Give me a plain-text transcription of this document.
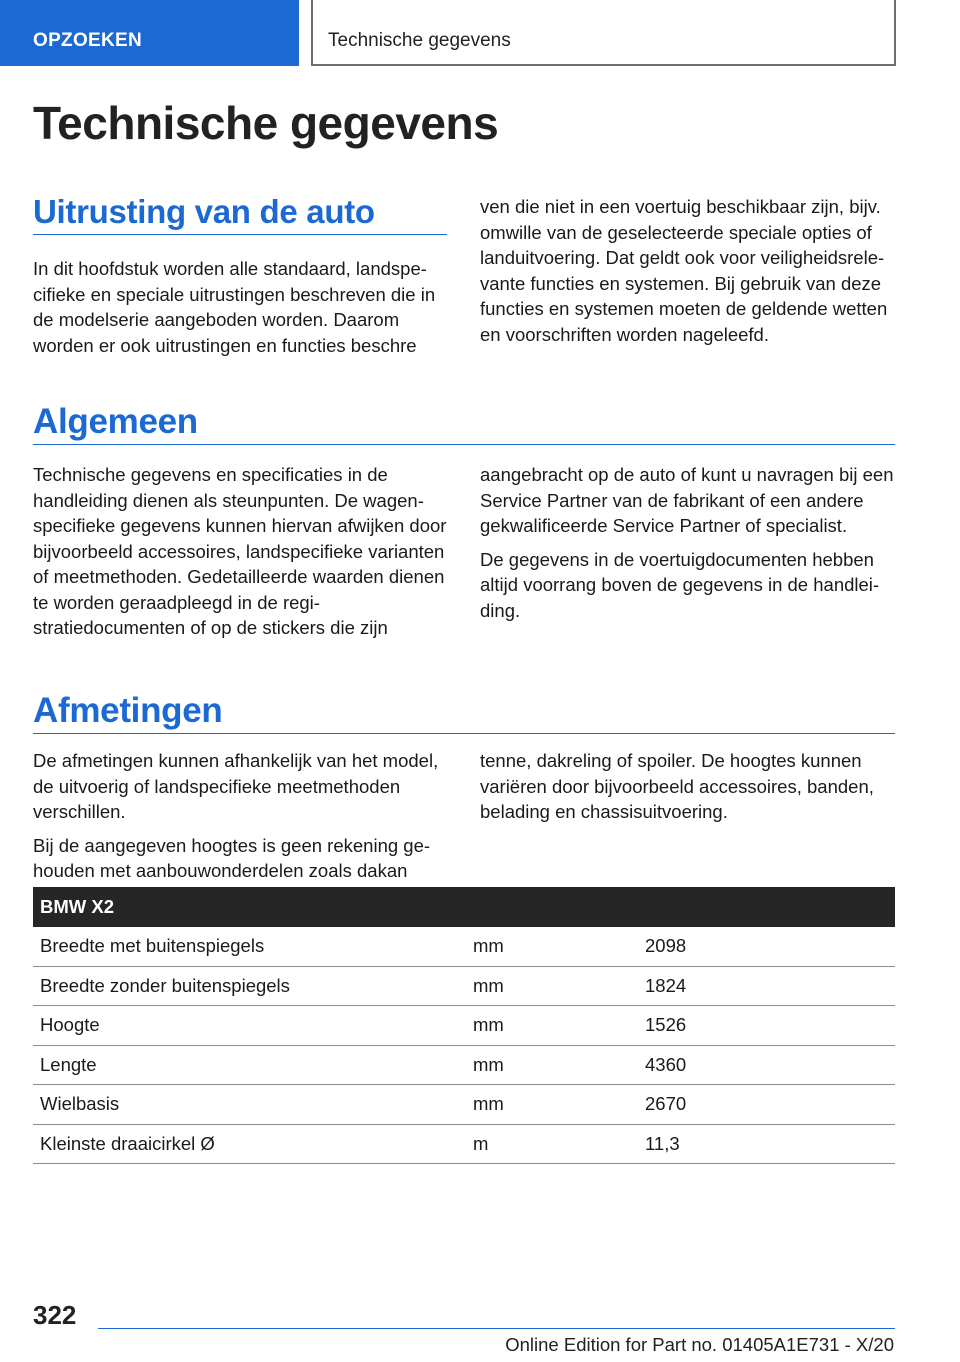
OPZOEKEN	Technische gegevens
Technische gegevens
Uitrusting van de auto

In dit hoofdstuk worden alle standaard, landspecifieke en speciale uitrustingen beschreven die in de modelserie aangeboden worden. Daarom worden er ook uitrustingen en functies beschre

ven die niet in een voertuig beschikbaar zijn, bijv. omwille van de geselecteerde speciale opties of landuitvoering. Dat geldt ook voor veiligheidsrelevante functies en systemen. Bij gebruik van deze functies en systemen moeten de geldende wetten en voorschriften worden nageleefd.

Algemeen

Technische gegevens en specificaties in de handleiding dienen als steunpunten. De wagenspecifieke gegevens kunnen hiervan afwijken door bijvoorbeeld accessoires, landspecifieke varianten of meetmethoden. Gedetailleerde waarden dienen te worden geraadpleegd in de registratiedocumenten of op de stickers die zijn

aangebracht op de auto of kunt u navragen bij een Service Partner van de fabrikant of een andere gekwalificeerde Service Partner of specialist.

De gegevens in de voertuigdocumenten hebben altijd voorrang boven de gegevens in de handleiding.

Afmetingen

De afmetingen kunnen afhankelijk van het model, de uitvoerig of landspecifieke meetmethoden verschillen.

Bij de aangegeven hoogtes is geen rekening gehouden met aanbouwonderdelen zoals dakan

tenne, dakreling of spoiler. De hoogtes kunnen variëren door bijvoorbeeld accessoires, banden, belading en chassisuitvoering.

BMW X2		
Breedte met buitenspiegels	mm	2098
Breedte zonder buitenspiegels	mm	1824
Hoogte	mm	1526
Lengte	mm	4360
Wielbasis	mm	2670
Kleinste draaicirkel Ø	m	11,3
322
Online Edition for Part no. 01405A1E731 - X/20
